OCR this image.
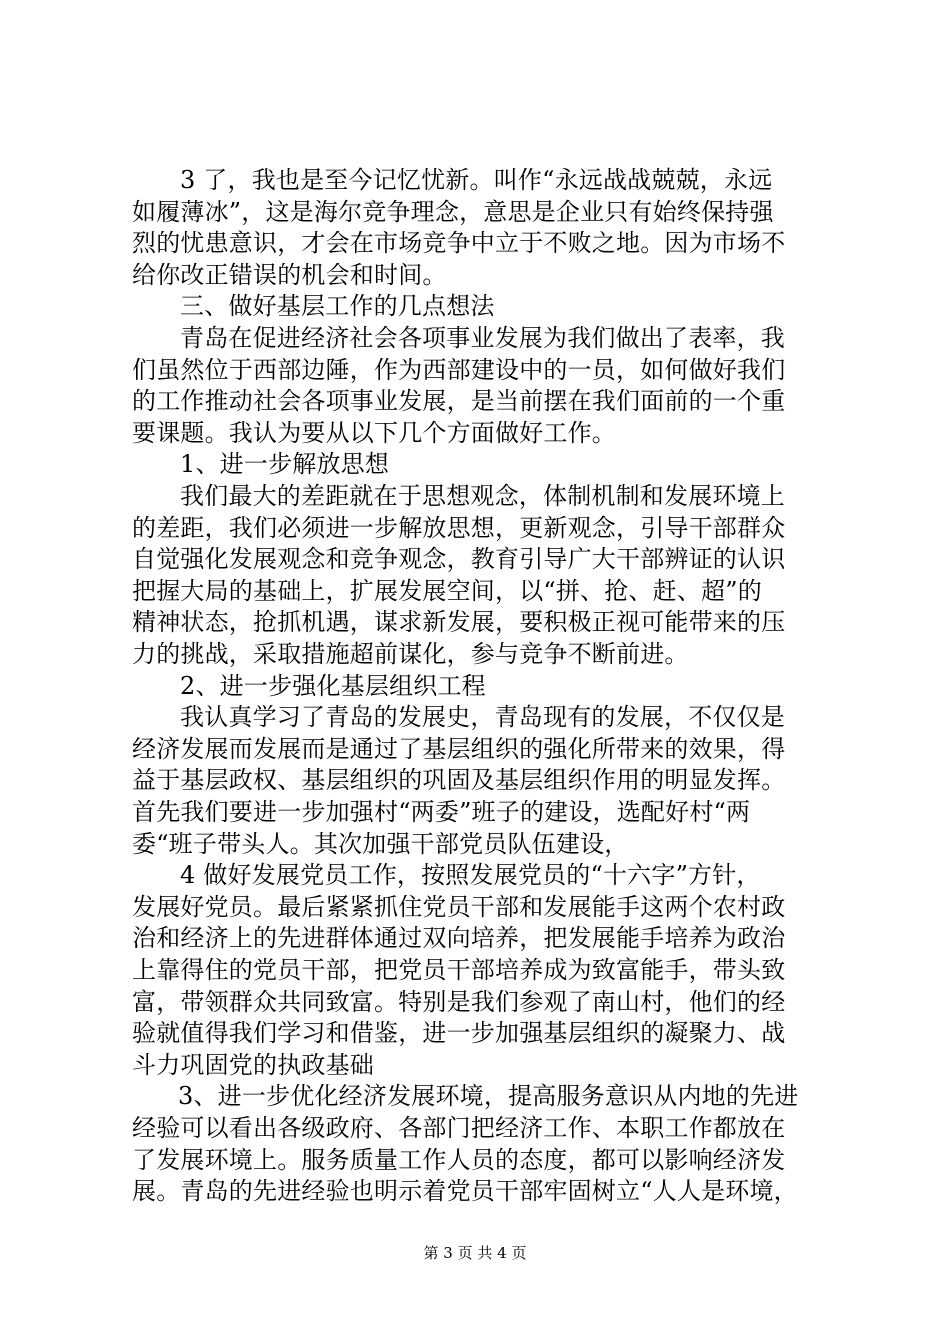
3 了，我也是至今记忆忧新。叫作“永远战战兢兢，永远
如履薄冰”，这是海尔竞争理念，意思是企业只有始终保持强
烈的忧患意识，才会在市场竞争中立于不败之地。因为市场不
给你改正错误的机会和时间。
三、做好基层工作的几点想法
青岛在促进经济社会各项事业发展为我们做出了表率，我
们虽然位于西部边陲，作为西部建设中的一员，如何做好我们
的工作推动社会各项事业发展，是当前摆在我们面前的一个重
要课题。我认为要从以下几个方面做好工作。
1、进一步解放思想
我们最大的差距就在于思想观念，体制机制和发展环境上
的差距，我们必须进一步解放思想，更新观念，引导干部群众
自觉强化发展观念和竞争观念，教育引导广大干部辨证的认识
把握大局的基础上，扩展发展空间，以“拼、抢、赶、超”的
精神状态，抢抓机遇，谋求新发展，要积极正视可能带来的压
力的挑战，采取措施超前谋化，参与竞争不断前进。
2、进一步强化基层组织工程
我认真学习了青岛的发展史，青岛现有的发展，不仅仅是
经济发展而发展而是通过了基层组织的强化所带来的效果，得
益于基层政权、基层组织的巩固及基层组织作用的明显发挥。
首先我们要进一步加强村“两委”班子的建设，选配好村“两
委“班子带头人。其次加强干部党员队伍建设，
4 做好发展党员工作，按照发展党员的“十六字”方针，
发展好党员。最后紧紧抓住党员干部和发展能手这两个农村政
治和经济上的先进群体通过双向培养，把发展能手培养为政治
上靠得住的党员干部，把党员干部培养成为致富能手，带头致
富，带领群众共同致富。特别是我们参观了南山村，他们的经
验就值得我们学习和借鉴，进一步加强基层组织的凝聚力、战
斗力巩固党的执政基础
3、进一步优化经济发展环境，提高服务意识从内地的先进
经验可以看出各级政府、各部门把经济工作、本职工作都放在
了发展环境上。服务质量工作人员的态度，都可以影响经济发
展。青岛的先进经验也明示着党员干部牢固树立“人人是环境，
第 3 页 共 4 页
